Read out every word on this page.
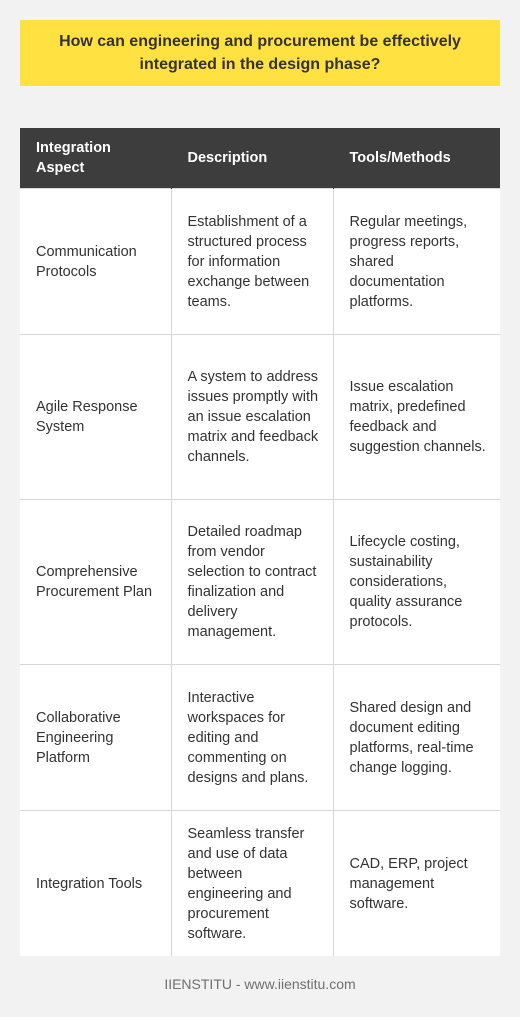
How can engineering and procurement be effectively integrated in the design phase?
Integration Aspect	Description	Tools/Methods
Communication Protocols	Establishment of a structured process for information exchange between teams.	Regular meetings, progress reports, shared documentation platforms.
Agile Response System	A system to address issues promptly with an issue escalation matrix and feedback channels.	Issue escalation matrix, predefined feedback and suggestion channels.
Comprehensive Procurement Plan	Detailed roadmap from vendor selection to contract finalization and delivery management.	Lifecycle costing, sustainability considerations, quality assurance protocols.
Collaborative Engineering Platform	Interactive workspaces for editing and commenting on designs and plans.	Shared design and document editing platforms, real-time change logging.
Integration Tools	Seamless transfer and use of data between engineering and procurement software.	CAD, ERP, project management software.
IIENSTITU - www.iienstitu.com
